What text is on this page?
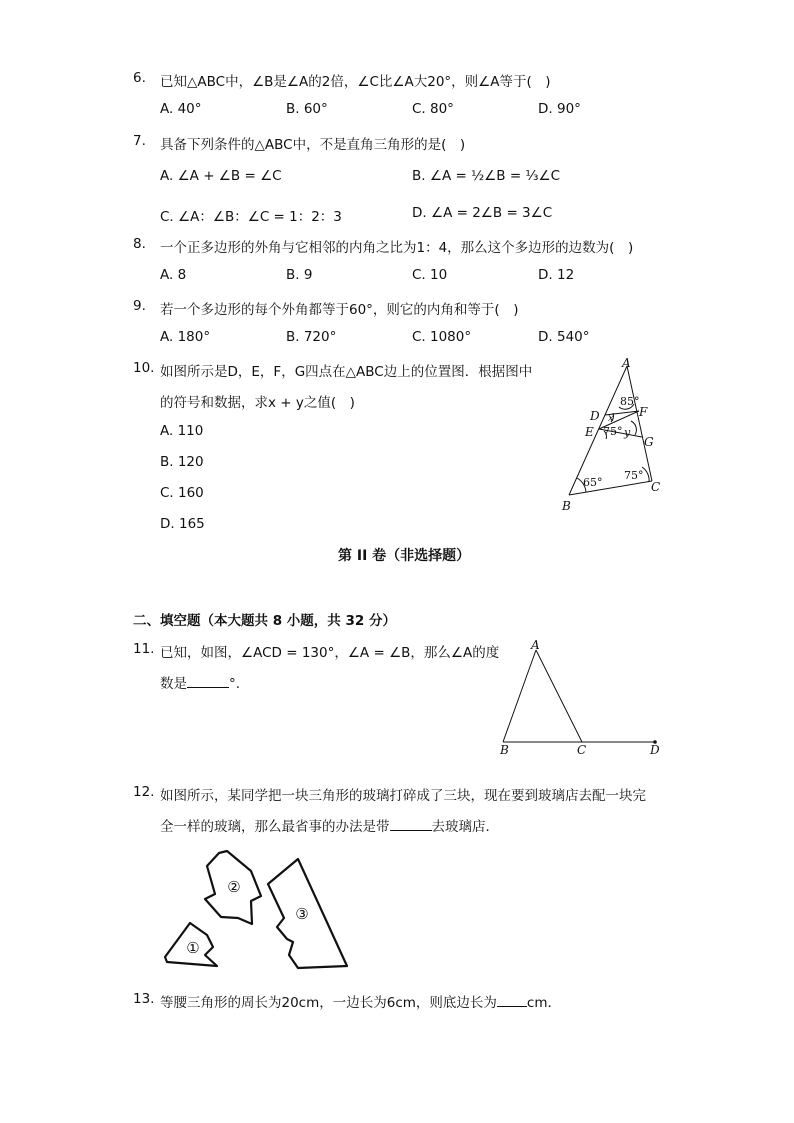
6. 已知△ABC中，∠B是∠A的2倍，∠C比∠A大20°，则∠A等于(　)
A. 40°	B. 60°	C. 80°	D. 90°
7. 具备下列条件的△ABC中，不是直角三角形的是(　)
A. ∠A + ∠B = ∠C	B. ∠A = ½∠B = ⅓∠C
C. ∠A：∠B：∠C = 1：2：3	D. ∠A = 2∠B = 3∠C
8. 一个正多边形的外角与它相邻的内角之比为1：4，那么这个多边形的边数为(　)
A. 8	B. 9	C. 10	D. 12
9. 若一个多边形的每个外角都等于60°，则它的内角和等于(　)
A. 180°	B. 720°	C. 1080°	D. 540°
10. 如图所示是D，E，F，G四点在△ABC边上的位置图．根据图中
的符号和数据，求x + y之值(　)
A. 110
B. 120
C. 160
D. 165
A
B
C
D
E
F
G
x
y
85°
75°
65°
75°
第 II 卷（非选择题）
二、填空题（本大题共 8 小题，共 32 分）
11. 已知，如图，∠ACD = 130°，∠A = ∠B，那么∠A的度
数是	°.
A
B	C	D
12. 如图所示，某同学把一块三角形的玻璃打碎成了三块，现在要到玻璃店去配一块完
全一样的玻璃，那么最省事的办法是带	去玻璃店．
①
②
③
13. 等腰三角形的周长为20cm，一边长为6cm，则底边长为 cm．
